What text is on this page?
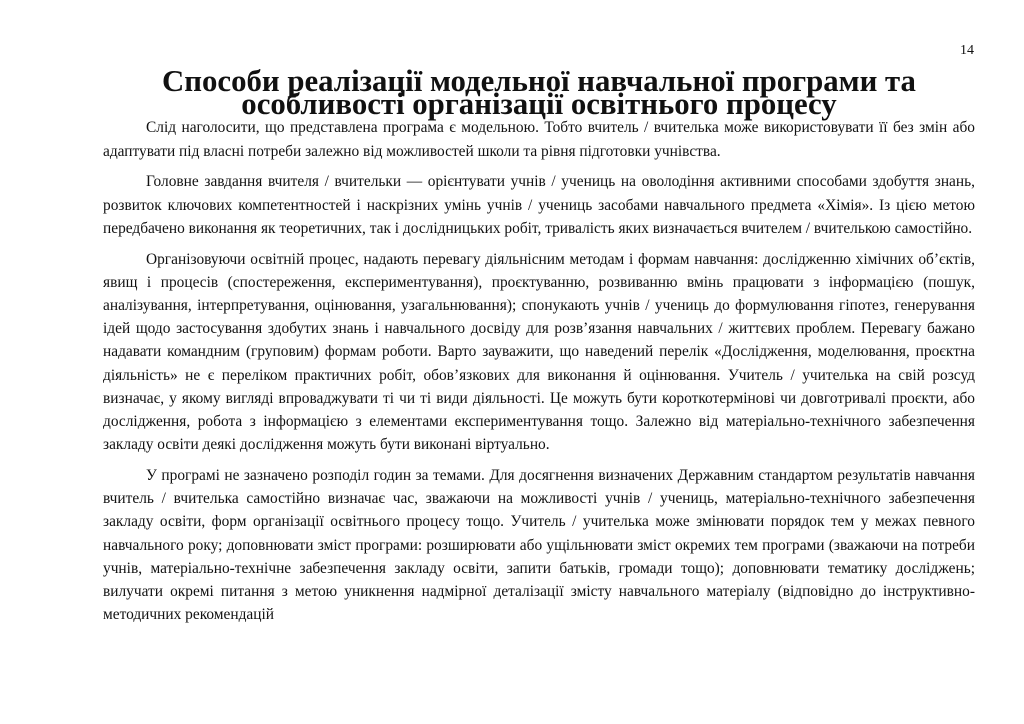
14
Способи реалізації модельної навчальної програми та особливості організації освітнього процесу

Слід наголосити, що представлена програма є модельною. Тобто вчитель / вчителька може використовувати її без змін або адаптувати під власні потреби залежно від можливостей школи та рівня підготовки учнівства.

Головне завдання вчителя / вчительки — орієнтувати учнів / учениць на оволодіння активними способами здобуття знань, розвиток ключових компетентностей і наскрізних умінь учнів / учениць засобами навчального предмета «Хімія». Із цією метою передбачено виконання як теоретичних, так і дослідницьких робіт, тривалість яких визначається вчителем / вчителькою самостійно.

Організовуючи освітній процес, надають перевагу діяльнісним методам і формам навчання: дослідженню хімічних об’єктів, явищ і процесів (спостереження, експериментування), проєктуванню, розвиванню вмінь працювати з інформацією (пошук, аналізування, інтерпретування, оцінювання, узагальнювання); спонукають учнів / учениць до формулювання гіпотез, генерування ідей щодо застосування здобутих знань і навчального досвіду для розв’язання навчальних / життєвих проблем. Перевагу бажано надавати командним (груповим) формам роботи. Варто зауважити, що наведений перелік «Дослідження, моделювання, проєктна діяльність» не є переліком практичних робіт, обов’язкових для виконання й оцінювання. Учитель / учителька на свій розсуд визначає, у якому вигляді впроваджувати ті чи ті види діяльності. Це можуть бути короткотермінові чи довготривалі проєкти, або дослідження, робота з інформацією з елементами експериментування тощо. Залежно від матеріально-технічного забезпечення закладу освіти деякі дослідження можуть бути виконані віртуально.

У програмі не зазначено розподіл годин за темами. Для досягнення визначених Державним стандартом результатів навчання вчитель / вчителька самостійно визначає час, зважаючи на можливості учнів / учениць, матеріально-технічного забезпечення закладу освіти, форм організації освітнього процесу тощо. Учитель / учителька може змінювати порядок тем у межах певного навчального року; доповнювати зміст програми: розширювати або ущільнювати зміст окремих тем програми (зважаючи на потреби учнів, матеріально-технічне забезпечення закладу освіти, запити батьків, громади тощо); доповнювати тематику досліджень; вилучати окремі питання з метою уникнення надмірної деталізації змісту навчального матеріалу (відповідно до інструктивно-методичних рекомендацій
